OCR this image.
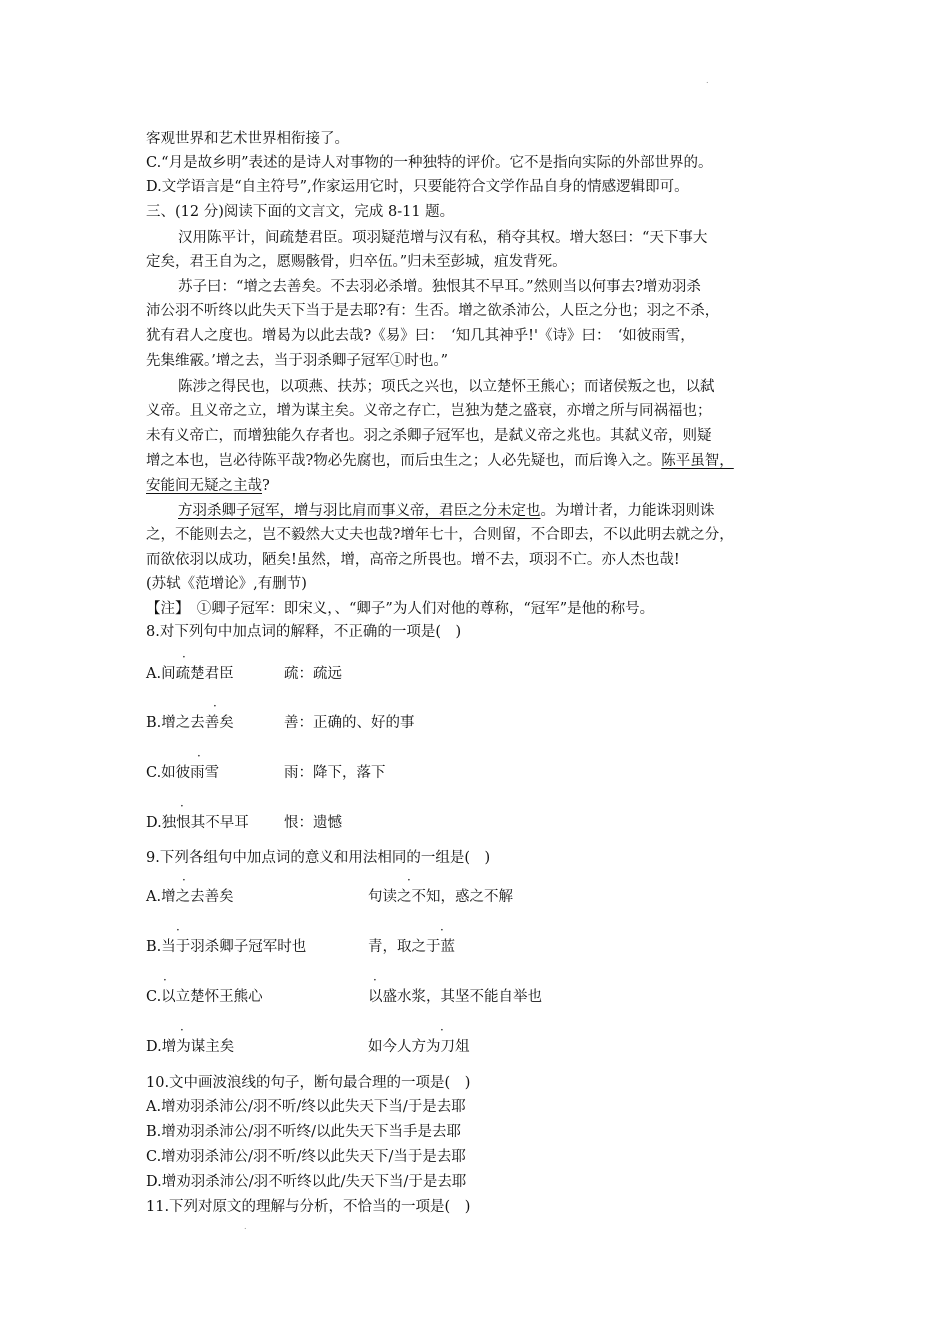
.
客观世界和艺术世界相衔接了。
C.“月是故乡明”表述的是诗人对事物的一种独特的评价。它不是指向实际的外部世界的。
D.文学语言是“自主符号”,作家运用它时，只要能符合文学作品自身的情感逻辑即可。
三、(12 分)阅读下面的文言文，完成 8-11 题。
汉用陈平计，间疏楚君臣。项羽疑范增与汉有私，稍夺其权。增大怒曰：“天下事大
定矣，君王自为之，愿赐骸骨，归卒伍。”归未至彭城，疽发背死。
苏子曰：“增之去善矣。不去羽必杀增。独恨其不早耳。”然则当以何事去?增劝羽杀
沛公羽不听终以此失天下当于是去耶?有：生否。增之欲杀沛公，人臣之分也；羽之不杀，
犹有君人之度也。增曷为以此去哉?《易》曰：　‘知几其神乎!'《诗》曰：　‘如彼雨雪，
先集维霰。’增之去，当于羽杀卿子冠军①时也。”
陈涉之得民也，以项燕、扶苏；项氏之兴也，以立楚怀王熊心；而诸侯叛之也，以弑
义帝。且义帝之立，增为谋主矣。义帝之存亡，岂独为楚之盛衰，亦增之所与同祸福也；
未有义帝亡，而增独能久存者也。羽之杀卿子冠军也，是弑义帝之兆也。其弑义帝，则疑
增之本也，岂必待陈平哉?物必先腐也，而后虫生之；人必先疑也，而后谗入之。陈平虽智，
安能间无疑之主哉?
方羽杀卿子冠军，增与羽比肩而事义帝，君臣之分未定也。为增计者，力能诛羽则诛
之，不能则去之，岂不毅然大丈夫也哉?增年七十，合则留，不合即去，不以此明去就之分，
而欲依羽以成功，陋矣!虽然，增，高帝之所畏也。增不去，项羽不亡。亦人杰也哉!
(苏轼《范增论》,有删节)
【注】　①卿子冠军：即宋义，、“卿子”为人们对他的尊称，“冠军”是他的称号。
8.对下列句中加点词的解释，不正确的一项是(　)
·
A.间疏楚君臣	疏：疏远
·
B.增之去善矣	善：正确的、好的事
·
C.如彼雨雪	雨：降下，落下
·
D.独恨其不早耳 恨：遗憾
9.下列各组句中加点词的意义和用法相同的一组是(　)
·	·
A.增之去善矣	句读之不知，惑之不解
·	·
B.当于羽杀卿子冠军时也	青，取之于蓝
·	·
C.以立楚怀王熊心	以盛水浆，其坚不能自举也
·	·
D.增为谋主矣	如今人方为刀俎
10.文中画波浪线的句子，断句最合理的一项是(　)
A.增劝羽杀沛公/羽不听/终以此失天下当/于是去耶
B.增劝羽杀沛公/羽不听终/以此失天下当手是去耶
C.增劝羽杀沛公/羽不听/终以此失天下/当于是去耶
D.增劝羽杀沛公/羽不听终以此/失天下当/于是去耶
11.下列对原文的理解与分析，不恰当的一项是(　)
.
